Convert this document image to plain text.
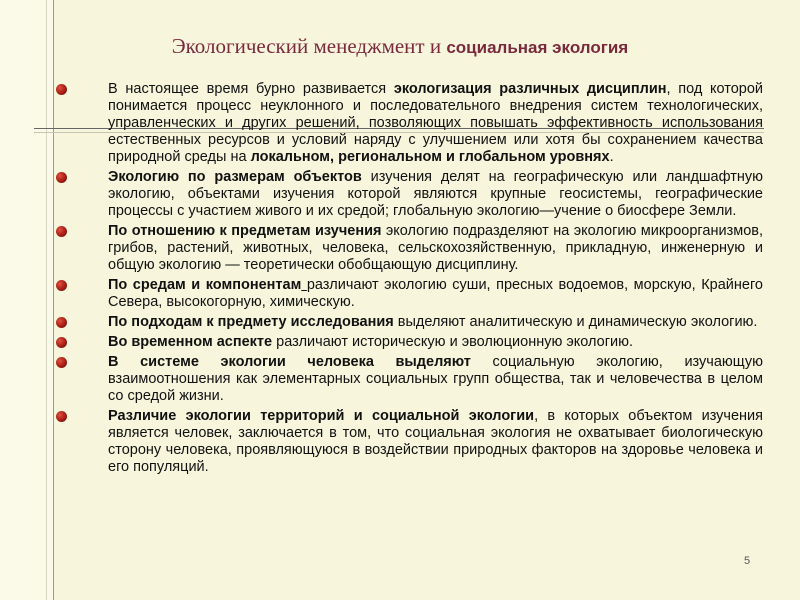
Экологический менеджмент и социальная экология
В настоящее время бурно развивается экологизация различных дисциплин, под которой понимается процесс неуклонного и последовательного внедрения систем технологических, управленческих и других решений, позволяющих повышать эффективность использования естественных ресурсов и условий наряду с улучшением или хотя бы сохранением качества природной среды на локальном, региональном и глобальном уровнях.
Экологию по размерам объектов изучения делят на географическую или ландшафтную экологию, объектами изучения которой являются крупные геосистемы, географические процессы с участием живого и их средой; глобальную экологию—учение о биосфере Земли.
По отношению к предметам изучения экологию подразделяют на экологию микроорганизмов, грибов, растений, животных, человека, сельскохозяйственную, прикладную, инженерную и общую экологию — теоретически обобщающую дисциплину.
По средам и компонентам различают экологию суши, пресных водоемов, морскую, Крайнего Севера, высокогорную, химическую.
По подходам к предмету исследования выделяют аналитическую и динамическую экологию.
Во временном аспекте различают историческую и эволюционную экологию.
В системе экологии человека выделяют социальную экологию, изучающую взаимоотношения как элементарных социальных групп общества, так и человечества в целом со средой жизни.
Различие экологии территорий и социальной экологии, в которых объектом изучения является человек, заключается в том, что социальная экология не охватывает биологическую сторону человека, проявляющуюся в воздействии природных факторов на здоровье человека и его популяций.
5
